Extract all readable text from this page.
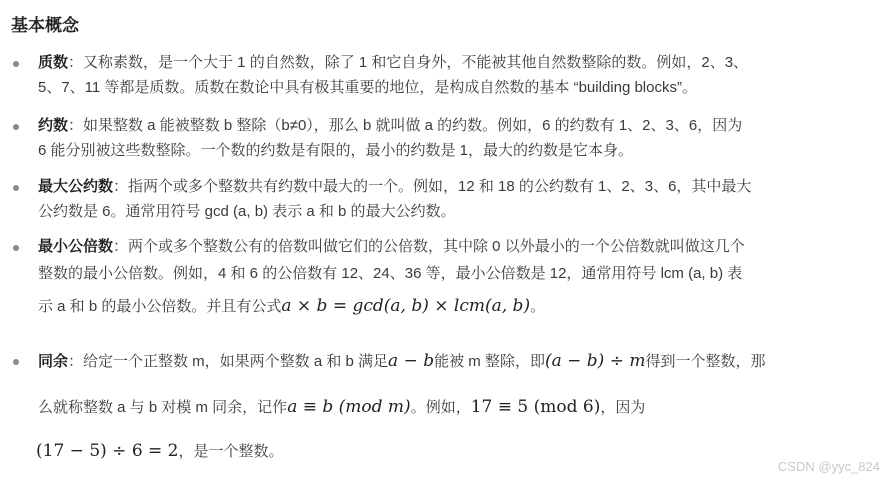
基本概念
质数：又称素数，是一个大于 1 的自然数，除了 1 和它自身外，不能被其他自然数整除的数。例如，2、3、
5、7、11 等都是质数。质数在数论中具有极其重要的地位，是构成自然数的基本 “building blocks”。
约数：如果整数 a 能被整数 b 整除（b≠0），那么 b 就叫做 a 的约数。例如，6 的约数有 1、2、3、6，因为
6 能分别被这些数整除。一个数的约数是有限的，最小的约数是 1，最大的约数是它本身。
最大公约数：指两个或多个整数共有约数中最大的一个。例如，12 和 18 的公约数有 1、2、3、6，其中最大
公约数是 6。通常用符号 gcd (a, b) 表示 a 和 b 的最大公约数。
最小公倍数：两个或多个整数公有的倍数叫做它们的公倍数，其中除 0 以外最小的一个公倍数就叫做这几个
整数的最小公倍数。例如，4 和 6 的公倍数有 12、24、36 等，最小公倍数是 12，通常用符号 lcm (a, b) 表
示 a 和 b 的最小公倍数。并且有公式a × b = gcd(a, b) × lcm(a, b)。
同余：给定一个正整数 m，如果两个整数 a 和 b 满足a − b能被 m 整除，即(a − b) ÷ m得到一个整数，那
么就称整数 a 与 b 对模 m 同余，记作a ≡ b (mod m)。例如，17 ≡ 5 (mod 6)，因为
(17 − 5) ÷ 6 = 2，是一个整数。
CSDN @yyc_824
